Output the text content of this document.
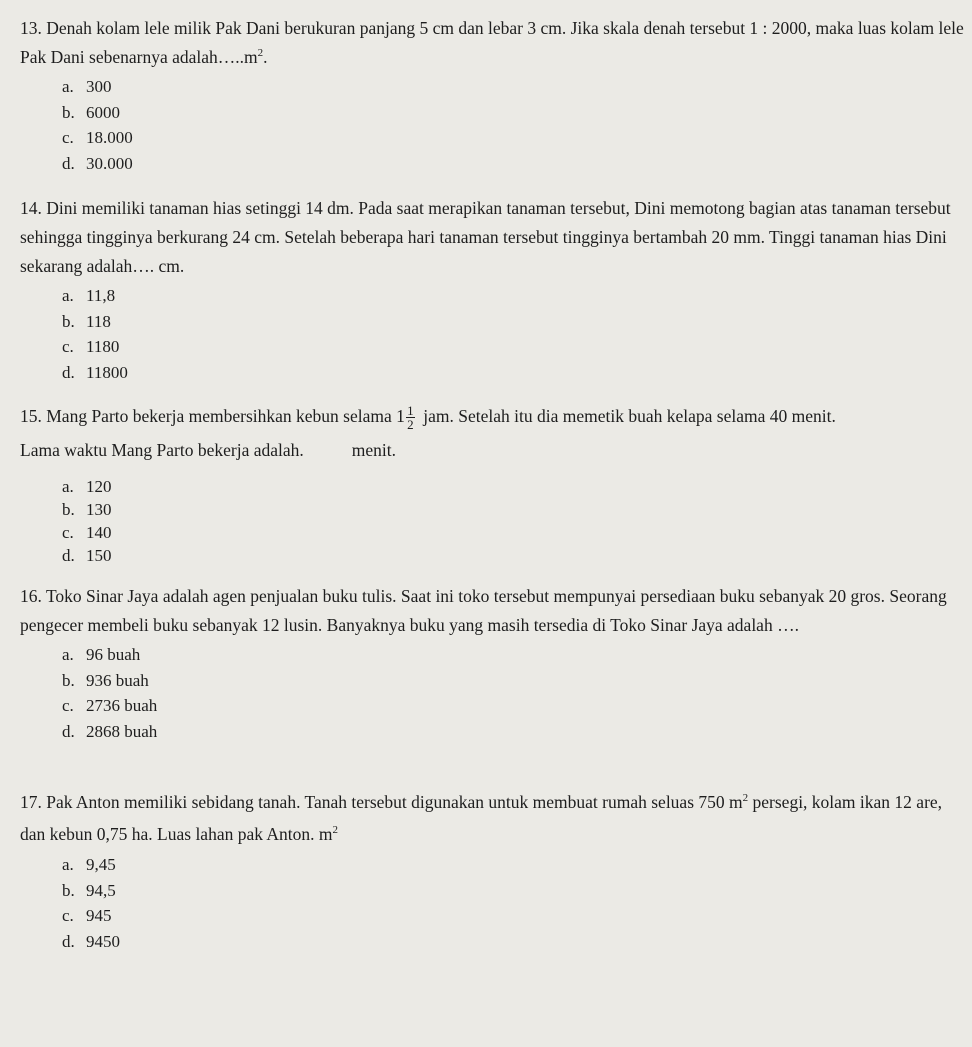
13. Denah kolam lele milik Pak Dani berukuran panjang 5 cm dan lebar 3 cm. Jika skala denah tersebut 1 : 2000, maka luas kolam lele Pak Dani sebenarnya $adalah\dots..m^2$.

a. 300
b. 6000
c. 18.000
d. 30.000

14. Dini memiliki tanaman hias setinggi 14 dm. Pada saat merapikan tanaman tersebut, Dini memotong bagian atas tanaman tersebut sehingga tingginya berkurang 24 cm. Setelah beberapa hari tanaman tersebut tingginya bertambah 20 mm. Tinggi tanaman hias Dini sekarang adalah…. cm.

a. 11,8
b. 118
c. 1180
d. 11800

15. Mang Parto bekerja membersihkan kebun selama $1 \frac{1}{2}$ jam. Setelah itu dia memetik buah kelapa selama 40 menit.

Lama waktu Mang Parto bekerja adalah.	menit.

a. 120
b. 130
c. 140
d. 150

16. Toko Sinar Jaya adalah agen penjualan buku tulis. Saat ini toko tersebut mempunyai persediaan buku sebanyak 20 gros. Seorang pengecer membeli buku sebanyak 12 lusin. Banyaknya buku yang masih tersedia di Toko Sinar Jaya adalah ….

a. 96 buah
b. 936 buah
c. 2736 buah
d. 2868 buah

17. Pak Anton memiliki sebidang tanah. Tanah tersebut digunakan untuk membuat rumah seluas 750 $m^2$ persegi, kolam ikan 12 are, dan kebun 0,75 ha. Luas lahan pak Anton. $m^2$

a. 9,45
b. 94,5
c. 945
d. 9450
